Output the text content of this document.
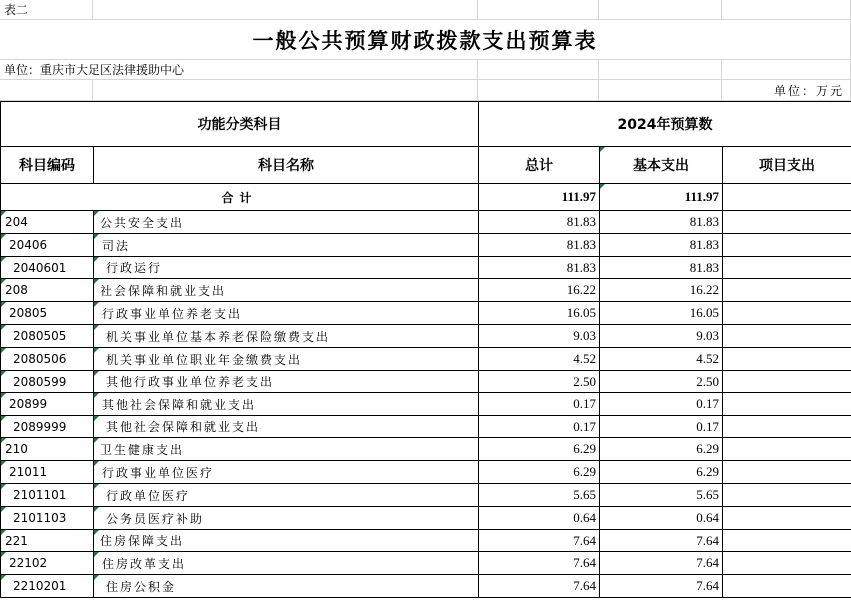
表二
一般公共预算财政拨款支出预算表
单位：重庆市大足区法律援助中心
单位：万元
功能分类科目	2024年预算数
科目编码	科目名称	总计	基本支出	项目支出
合计	111.97	111.97
204	公共安全支出	81.83	81.83
20406	司法	81.83	81.83
2040601	行政运行	81.83	81.83
208	社会保障和就业支出	16.22	16.22
20805	行政事业单位养老支出	16.05	16.05
2080505	机关事业单位基本养老保险缴费支出	9.03	9.03
2080506	机关事业单位职业年金缴费支出	4.52	4.52
2080599	其他行政事业单位养老支出	2.50	2.50
20899	其他社会保障和就业支出	0.17	0.17
2089999	其他社会保障和就业支出	0.17	0.17
210	卫生健康支出	6.29	6.29
21011	行政事业单位医疗	6.29	6.29
2101101	行政单位医疗	5.65	5.65
2101103	公务员医疗补助	0.64	0.64
221	住房保障支出	7.64	7.64
22102	住房改革支出	7.64	7.64
2210201	住房公积金	7.64	7.64
